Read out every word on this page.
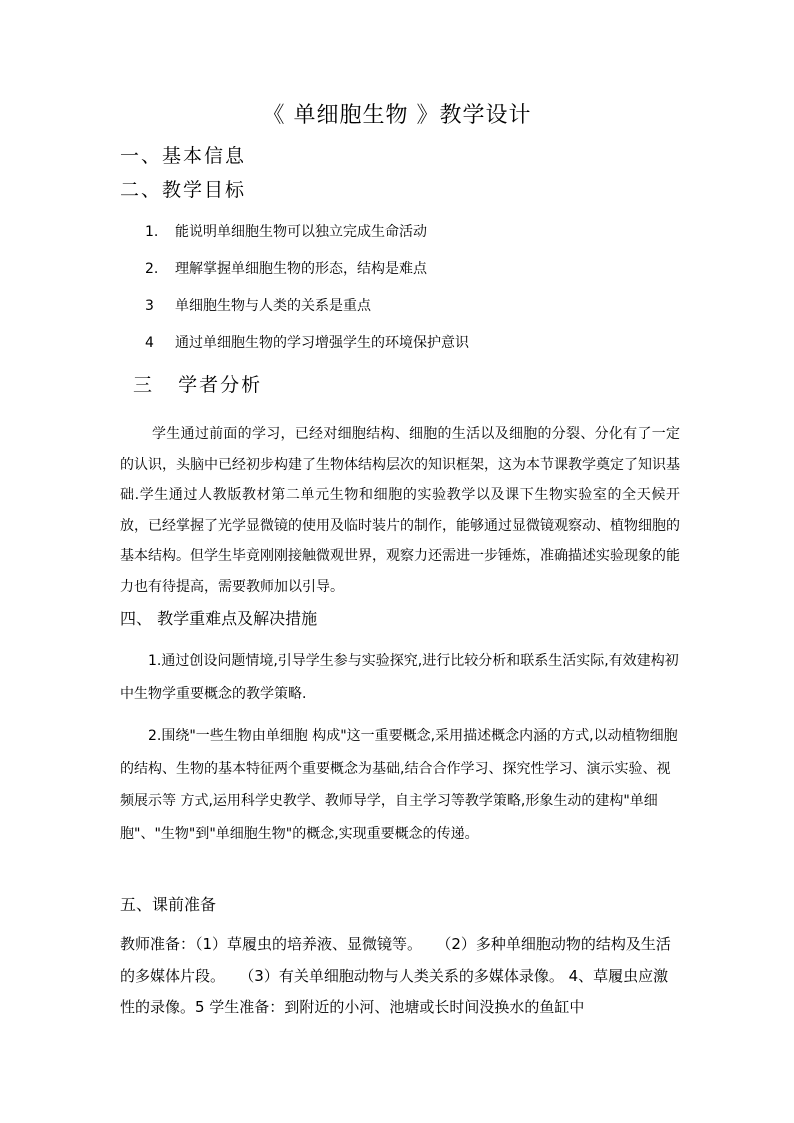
《 单细胞生物 》教学设计
一、基本信息
二、教学目标
1. 能说明单细胞生物可以独立完成生命活动
2. 理解掌握单细胞生物的形态，结构是难点
3 单细胞生物与人类的关系是重点
4 通过单细胞生物的学习增强学生的环境保护意识
三   学者分析
学生通过前面的学习，已经对细胞结构、细胞的生活以及细胞的分裂、分化有了一定的认识，头脑中已经初步构建了生物体结构层次的知识框架，这为本节课教学奠定了知识基础.学生通过人教版教材第二单元生物和细胞的实验教学以及课下生物实验室的全天候开放，已经掌握了光学显微镜的使用及临时装片的制作，能够通过显微镜观察动、植物细胞的基本结构。但学生毕竟刚刚接触微观世界，观察力还需进一步锤炼，准确描述实验现象的能力也有待提高，需要教师加以引导。
四、 教学重难点及解决措施

1.通过创设问题情境,引导学生参与实验探究,进行比较分析和联系生活实际,有效建构初中生物学重要概念的教学策略.

2.围绕"一些生物由单细胞 构成"这一重要概念,采用描述概念内涵的方式,以动植物细胞的结构、生物的基本特征两个重要概念为基础,结合合作学习、探究性学习、演示实验、视频展示等 方式,运用科学史教学、教师导学，自主学习等教学策略,形象生动的建构"单细胞"、"生物"到"单细胞生物"的概念,实现重要概念的传递。

五、课前准备
教师准备：（1）草履虫的培养液、显微镜等。   （2）多种单细胞动物的结构及生活的多媒体片段。   （3）有关单细胞动物与人类关系的多媒体录像。 4、草履虫应激性的录像。5 学生准备：到附近的小河、池塘或长时间没换水的鱼缸中
